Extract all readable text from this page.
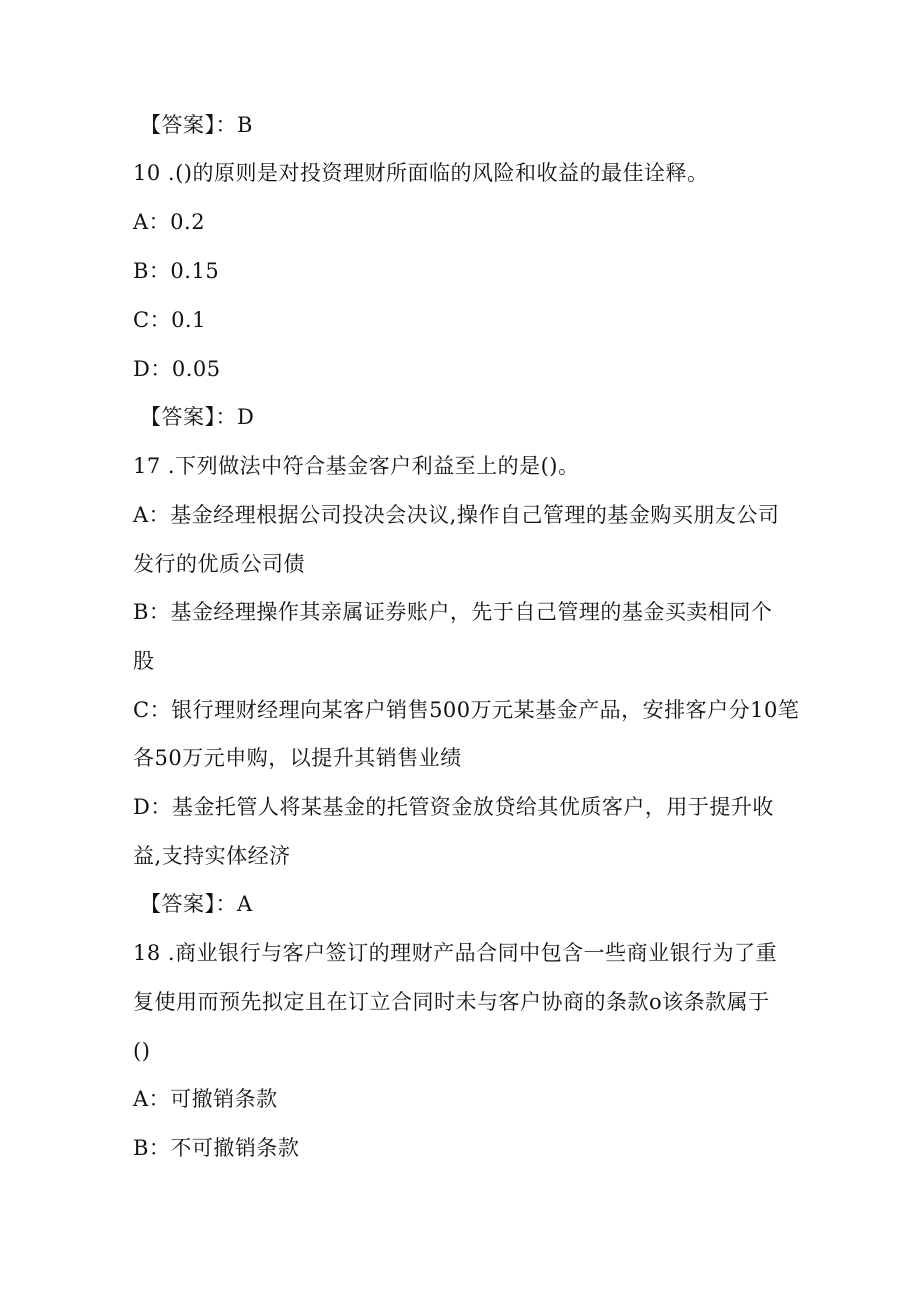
【答案】：B
10 .()的原则是对投资理财所面临的风险和收益的最佳诠释。
A：0.2
B：0.15
C：0.1
D：0.05
【答案】：D
17 .下列做法中符合基金客户利益至上的是()。
A：基金经理根据公司投决会决议,操作自己管理的基金购买朋友公司
发行的优质公司债
B：基金经理操作其亲属证券账户，先于自己管理的基金买卖相同个
股
C：银行理财经理向某客户销售500万元某基金产品，安排客户分10笔
各50万元申购，以提升其销售业绩
D：基金托管人将某基金的托管资金放贷给其优质客户，用于提升收
益,支持实体经济
【答案】：A
18 .商业银行与客户签订的理财产品合同中包含一些商业银行为了重
复使用而预先拟定且在订立合同时未与客户协商的条款o该条款属于
()
A：可撤销条款
B：不可撤销条款
